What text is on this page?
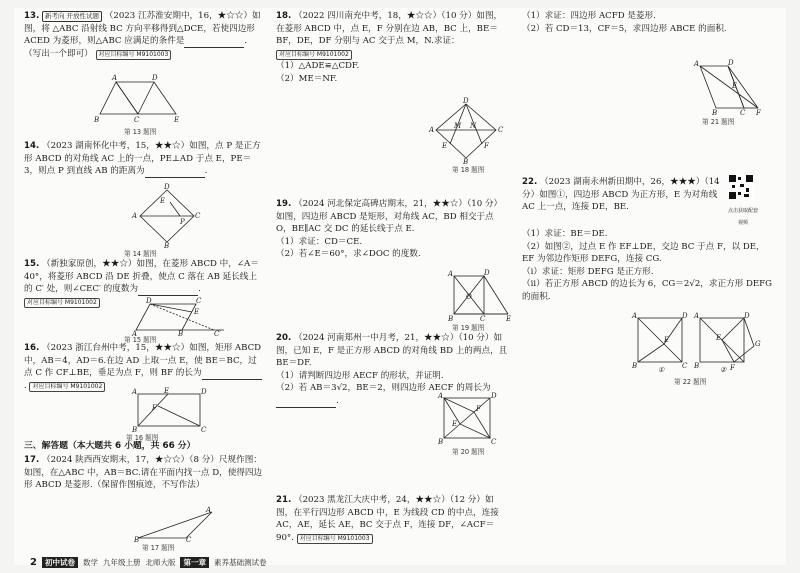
13. 新考向 开放性试题 （2023 江苏淮安期中，16，★☆☆）如图，将 △ABC 沿射线 BC 方向平移得到△DCE，若使四边形 ACED 为菱形，则△ABC 应满足的条件是	．（写出一个即可） 对应目标编号 M9101003
A	D
B	C	E
第 13 题图
14. （2023 湖南怀化中考，15，★★☆）如图，点 P 是正方形 ABCD 的对角线 AC 上的一点，PE⊥AD 于点 E，PE＝3，则点 P 到直线 AB 的距离为	.
D
A	C
B
P
E
第 14 题图
15. （新独家原创，★★☆）如图，在菱形 ABCD 中，∠A＝40°，将菱形 ABCD 沿 DE 折叠，使点 C 落在 AB 延长线上的 C′ 处，则∠CEC′ 的度数为	. 对应目标编号 M9101002	D	C
E
A	B	C′
第 15 题图
16. （2023 浙江台州中考，15，★★☆）如图，矩形 ABCD 中，AB＝4，AD＝6.在边 AD 上取一点 E，使 BE＝BC，过点 C 作 CF⊥BE，垂足为点 F，则 BF 的长为. 对应目标编号 M9101002
A	E	D
F
B	C
第 16 题图
三、解答题（本大题共 6 小题，共 66 分）
17. （2024 陕西西安期末，17，★☆☆）（8 分）尺规作图：如图，在△ABC 中，AB＝BC.请在平面内找一点 D，使得四边形 ABCD 是菱形.（保留作图痕迹，不写作法）
A
B	C
第 17 题图
18. （2022 四川南充中考，18，★☆☆）（10 分）如图，在菱形 ABCD 中，点 E，F 分别在边 AB，BC 上，BE＝BF，DE，DF 分别与 AC 交于点 M，N.求证： 对应目标编号 M9101002
（1）△ADE≌△CDF.
（2）ME＝NF.
D
A	C
B
M N
E	F
第 18 题图
19. （2024 河北保定高碑店期末，21，★★☆）（10 分）如图，四边形 ABCD 是矩形，对角线 AC，BD 相交于点 O，BE∥AC 交 DC 的延长线于点 E.
（1）求证：CD＝CE.
（2）若∠E＝60°，求∠DOC 的度数.
A	D
O
B	C	E
第 19 题图
20. （2024 河南郑州一中月考，21，★★☆）（10 分）如图，已知 E，F 是正方形 ABCD 的对角线 BD 上的两点，且 BE＝DF.
（1）请判断四边形 AECF 的形状，并证明.
（2）若 AB＝3√2，BE＝2，则四边形 AECF 的周长为.	A	D
B	C
F
E
第 20 题图
21. （2023 黑龙江大庆中考，24，★★☆）（12 分）如图，在平行四边形 ABCD 中，E 为线段 CD 的中点，连接 AC，AE，延长 AE，BC 交于点 F，连接 DF，∠ACF＝90°. 对应目标编号 M9101003
（1）求证：四边形 ACFD 是菱形.
（2）若 CD＝13，CF＝5，求四边形 ABCE 的面积.
A	D
E
B	C F
第 21 题图
22. （2023 湖南永州新田期中，26，★★★）（14 分）如图①，四边形 ABCD 为正方形，E 为对角线 AC 上一点，连接 DE，BE.	点击获取配套视频
（1）求证：BE＝DE.
（2）如图②，过点 E 作 EF⊥DE，交边 BC 于点 F，以 DE，EF 为邻边作矩形 DEFG，连接 CG.
（i）求证：矩形 DEFG 是正方形.
（ii）若正方形 ABCD 的边长为 6，CG＝2√2，求正方形 DEFG 的面积.
A	D
B	C
E
A	D
B	F
G
E
①	②
第 22 题图
2	初中试卷	数学 九年级上册 北师大版	第一章	素养基础测试卷
